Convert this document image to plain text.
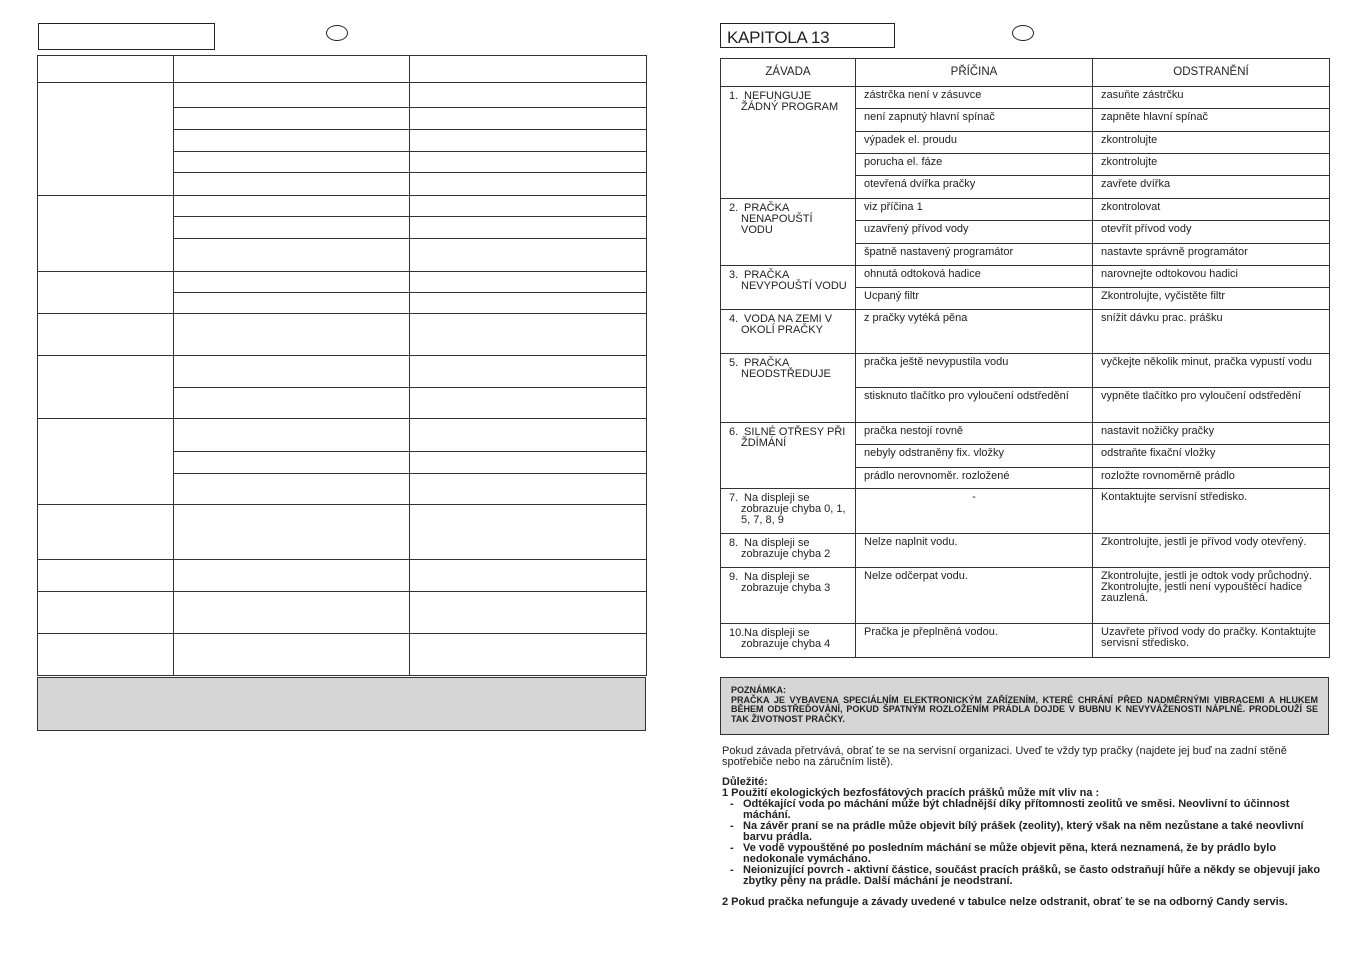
KAPITOLA 13
ZÁVADA	PŘÍČINA	ODSTRANĚNÍ

1. NEFUNGUJE ŽÁDNÝ PROGRAM	zástrčka není v zásuvce	zasuňte zástrčku
	není zapnutý hlavní spínač	zapněte hlavní spínač
	výpadek el. proudu	zkontrolujte
	porucha el. fáze	zkontrolujte
	otevřená dvířka pračky	zavřete dvířka

2. PRAČKA NENAPOUŠTÍ VODU	viz příčina 1	zkontrolovat
	uzavřený přívod vody	otevřít přívod vody
	špatně nastavený programátor	nastavte správně programátor

3. PRAČKA NEVYPOUŠTÍ VODU	ohnutá odtoková hadice	narovnejte odtokovou hadici
	Ucpaný filtr	Zkontrolujte, vyčistěte filtr

4. VODA NA ZEMI V OKOLÍ PRAČKY	z pračky vytéká pěna	snížit dávku prac. prášku

5. PRAČKA NEODSTŘEDUJE	pračka ještě nevypustila vodu	vyčkejte několik minut, pračka vypustí vodu
	stisknuto tlačítko pro vyloučení odstředění	vypněte tlačítko pro vyloučení odstředění

6. SILNÉ OTŘESY PŘI ŽDÍMÁNÍ	pračka nestojí rovně	nastavit nožičky pračky
	nebyly odstraněny fix. vložky	odstraňte fixační vložky
	prádlo nerovnoměr. rozložené	rozložte rovnoměrně prádlo

7. Na displeji se zobrazuje chyba 0, 1, 5, 7, 8, 9	-	Kontaktujte servisní středisko.

8. Na displeji se zobrazuje chyba 2	Nelze naplnit vodu.	Zkontrolujte, jestli je přívod vody otevřený.

9. Na displeji se zobrazuje chyba 3	Nelze odčerpat vodu.	Zkontrolujte, jestli je odtok vody průchodný. Zkontrolujte, jestli není vypouštěcí hadice zauzlená.

10. Na displeji se zobrazuje chyba 4	Pračka je přeplněná vodou.	Uzavřete přívod vody do pračky. Kontaktujte servisní středisko.
POZNÁMKA:
PRAČKA JE VYBAVENA SPECIÁLNÍM ELEKTRONICKÝM ZAŘÍZENÍM, KTERÉ CHRÁNÍ PŘED NADMĚRNÝMI VIBRACEMI A HLUKEM BĚHEM ODSTŘEĎOVÁNÍ, POKUD ŠPATNÝM ROZLOŽENÍM PRÁDLA DOJDE V BUBNU K NEVYVÁŽENOSTI NÁPLNĚ. PRODLOUŽÍ SE TAK ŽIVOTNOST PRAČKY.
Pokud závada přetrvává, obrať te se na servisní organizaci. Uveď te vždy typ pračky (najdete jej buď na zadní stěně spotřebiče nebo na záručním listě).
Důležité:
1 Použití ekologických bezfosfátových pracích prášků může mít vliv na :
- Odtékající voda po máchání může být chladnější díky přítomnosti zeolitů ve směsi. Neovlivní to účinnost máchání.
- Na závěr praní se na prádle může objevit bílý prášek (zeolity), který však na něm nezůstane a také neovlivní barvu prádla.
- Ve vodě vypouštěné po posledním máchání se může objevit pěna, která neznamená, že by prádlo bylo nedokonale vymácháno.
- Neionizující povrch - aktivní částice, součást pracích prášků, se často odstraňují hůře a někdy se objevují jako zbytky pěny na prádle. Další máchání je neodstraní.
2 Pokud pračka nefunguje a závady uvedené v tabulce nelze odstranit, obrať te se na odborný Candy servis.
